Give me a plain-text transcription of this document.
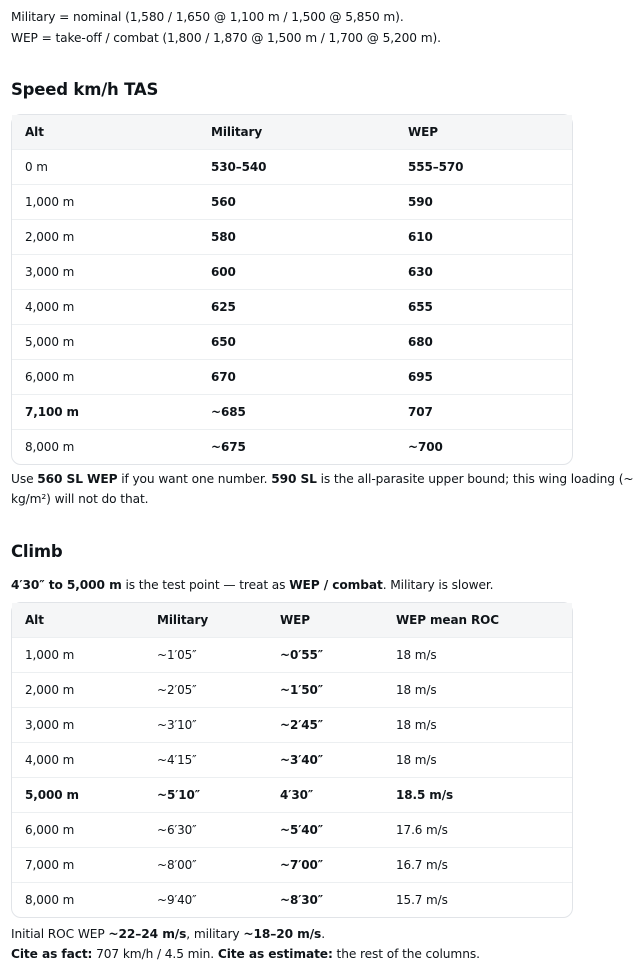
Military = nominal (1,580 / 1,650 @ 1,100 m / 1,500 @ 5,850 m).
WEP = take-off / combat (1,800 / 1,870 @ 1,500 m / 1,700 @ 5,200 m).
Speed km/h TAS
Alt	Military	WEP
0 m	530–540	555–570
1,000 m	560	590
2,000 m	580	610
3,000 m	600	630
4,000 m	625	655
5,000 m	650	680
6,000 m	670	695
7,100 m	~685	707
8,000 m	~675	~700
Use 560 SL WEP if you want one number. 590 SL is the all-parasite upper bound; this wing loading (~
kg/m²) will not do that.
Climb
4′30″ to 5,000 m is the test point — treat as WEP / combat. Military is slower.
Alt	Military	WEP	WEP mean ROC
1,000 m	~1′05″	~0′55″	18 m/s
2,000 m	~2′05″	~1′50″	18 m/s
3,000 m	~3′10″	~2′45″	18 m/s
4,000 m	~4′15″	~3′40″	18 m/s
5,000 m	~5′10″	4′30″	18.5 m/s
6,000 m	~6′30″	~5′40″	17.6 m/s
7,000 m	~8′00″	~7′00″	16.7 m/s
8,000 m	~9′40″	~8′30″	15.7 m/s
Initial ROC WEP ~22–24 m/s, military ~18–20 m/s.
Cite as fact: 707 km/h / 4.5 min. Cite as estimate: the rest of the columns.
